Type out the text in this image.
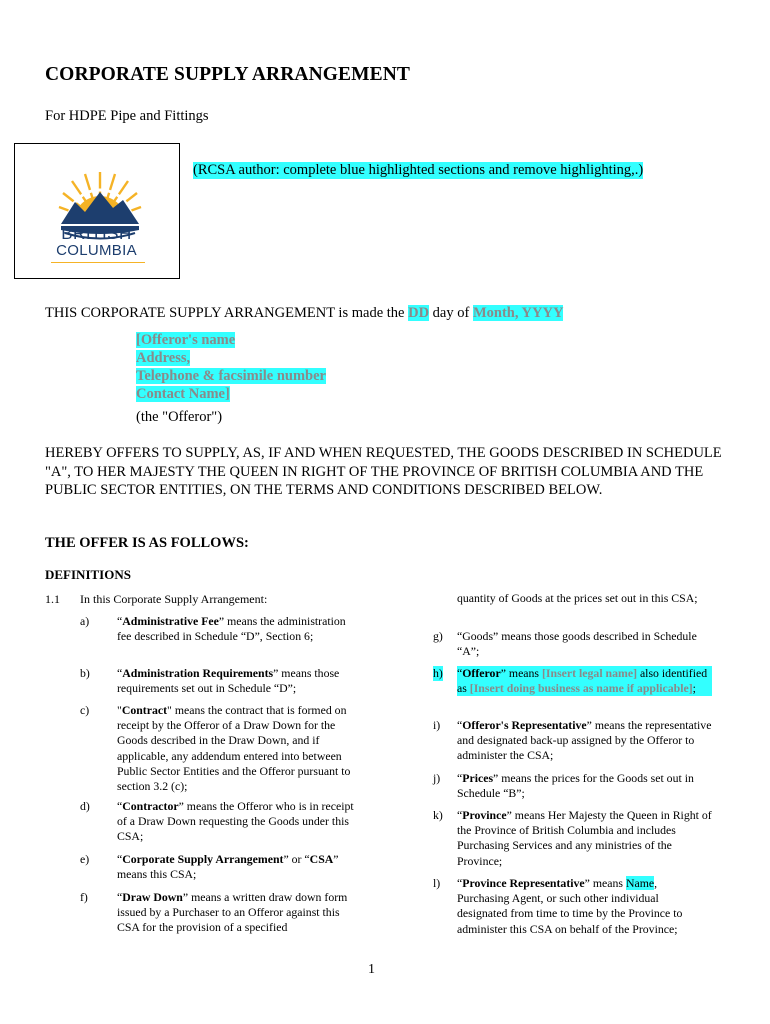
CORPORATE SUPPLY ARRANGEMENT
For HDPE Pipe and Fittings
BRITISH
COLUMBIA
(RCSA author: complete blue highlighted sections and remove highlighting,.)
THIS CORPORATE SUPPLY ARRANGEMENT is made the DD day of Month, YYYY
[Offeror's name
Address,
Telephone & facsimile number
Contact Name]
(the "Offeror")
HEREBY OFFERS TO SUPPLY, AS, IF AND WHEN REQUESTED, THE GOODS DESCRIBED IN SCHEDULE "A", TO HER MAJESTY THE QUEEN IN RIGHT OF THE PROVINCE OF BRITISH COLUMBIA AND THE PUBLIC SECTOR ENTITIES, ON THE TERMS AND CONDITIONS DESCRIBED BELOW.
THE OFFER IS AS FOLLOWS:
DEFINITIONS
1.1 In this Corporate Supply Arrangement:
a) “Administrative Fee” means the administration fee described in Schedule “D”, Section 6;
b) “Administration Requirements” means those requirements set out in Schedule “D”;
c) "Contract" means the contract that is formed on receipt by the Offeror of a Draw Down for the Goods described in the Draw Down, and if applicable, any addendum entered into between Public Sector Entities and the Offeror pursuant to section 3.2 (c);
d) “Contractor” means the Offeror who is in receipt of a Draw Down requesting the Goods under this CSA;
e) “Corporate Supply Arrangement” or “CSA” means this CSA;
f) “Draw Down” means a written draw down form issued by a Purchaser to an Offeror against this CSA for the provision of a specified
quantity of Goods at the prices set out in this CSA;
g) “Goods” means those goods described in Schedule “A”;
h) “Offeror” means [Insert legal name] also identified as [Insert doing business as name if applicable];
i) “Offeror's Representative” means the representative and designated back-up assigned by the Offeror to administer the CSA;
j) “Prices” means the prices for the Goods set out in Schedule “B”;
k) “Province” means Her Majesty the Queen in Right of the Province of British Columbia and includes Purchasing Services and any ministries of the Province;
l) “Province Representative” means Name, Purchasing Agent, or such other individual designated from time to time by the Province to administer this CSA on behalf of the Province;
1
